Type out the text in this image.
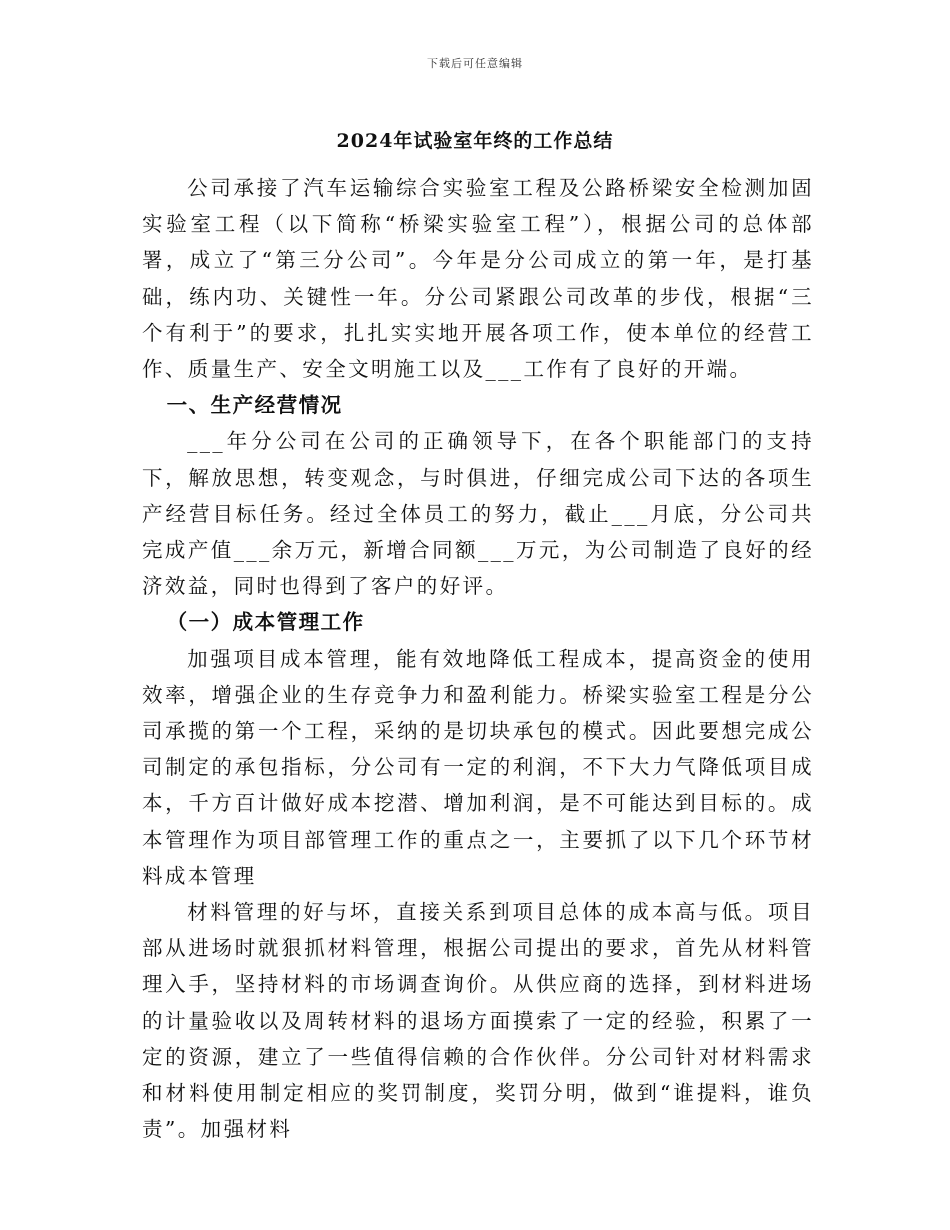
下载后可任意编辑
2024年试验室年终的工作总结

公司承接了汽车运输综合实验室工程及公路桥梁安全检测加固实验室工程（以下简称“桥梁实验室工程”），根据公司的总体部署，成立了“第三分公司”。今年是分公司成立的第一年，是打基础，练内功、关键性一年。分公司紧跟公司改革的步伐，根据“三个有利于”的要求，扎扎实实地开展各项工作，使本单位的经营工作、质量生产、安全文明施工以及___工作有了良好的开端。

一、生产经营情况

___年分公司在公司的正确领导下，在各个职能部门的支持下，解放思想，转变观念，与时俱进，仔细完成公司下达的各项生产经营目标任务。经过全体员工的努力，截止___月底，分公司共完成产值___余万元，新增合同额___万元，为公司制造了良好的经济效益，同时也得到了客户的好评。

（一）成本管理工作

加强项目成本管理，能有效地降低工程成本，提高资金的使用效率，增强企业的生存竞争力和盈利能力。桥梁实验室工程是分公司承揽的第一个工程，采纳的是切块承包的模式。因此要想完成公司制定的承包指标，分公司有一定的利润，不下大力气降低项目成本，千方百计做好成本挖潜、增加利润，是不可能达到目标的。成本管理作为项目部管理工作的重点之一，主要抓了以下几个环节材料成本管理

材料管理的好与坏，直接关系到项目总体的成本高与低。项目部从进场时就狠抓材料管理，根据公司提出的要求，首先从材料管理入手，坚持材料的市场调查询价。从供应商的选择，到材料进场的计量验收以及周转材料的退场方面摸索了一定的经验，积累了一定的资源，建立了一些值得信赖的合作伙伴。分公司针对材料需求和材料使用制定相应的奖罚制度，奖罚分明，做到“谁提料，谁负责”。加强材料
